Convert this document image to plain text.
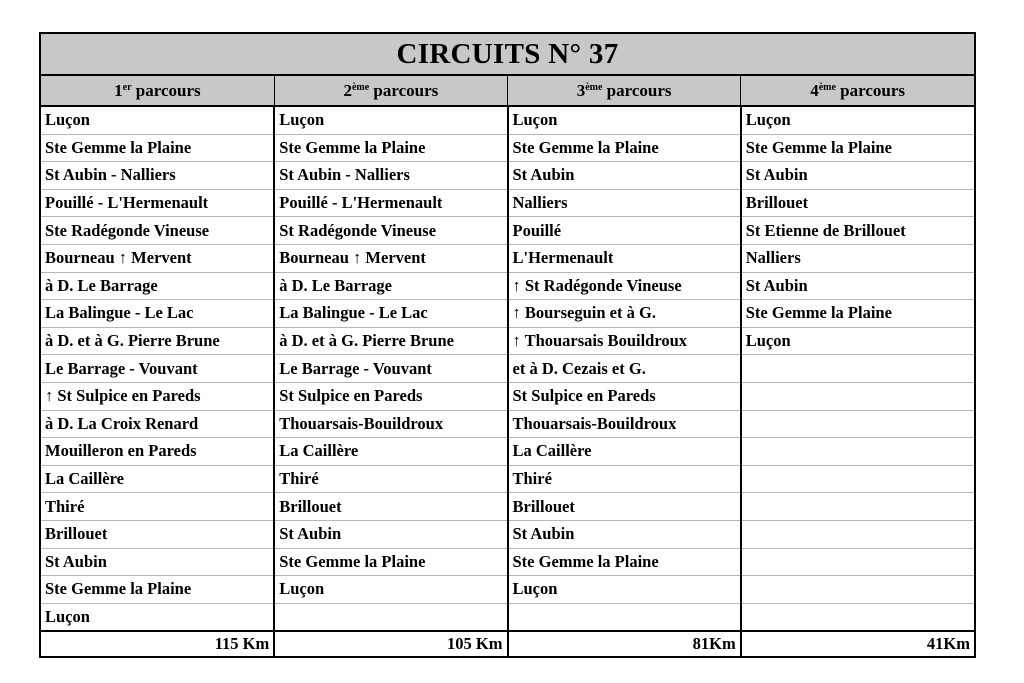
CIRCUITS N° 37
1er parcours	2ème parcours	3ème parcours	4ème parcours
Luçon	Luçon	Luçon	Luçon
Ste Gemme la Plaine	Ste Gemme la Plaine	Ste Gemme la Plaine	Ste Gemme la Plaine
St Aubin - Nalliers	St Aubin - Nalliers	St Aubin	St Aubin
Pouillé - L'Hermenault	Pouillé - L'Hermenault	Nalliers	Brillouet
Ste Radégonde Vineuse	St Radégonde Vineuse	Pouillé	St Etienne de Brillouet
Bourneau ↑ Mervent	Bourneau ↑ Mervent	L'Hermenault	Nalliers
à D. Le Barrage	à D. Le Barrage	↑ St Radégonde Vineuse	St Aubin
La Balingue - Le Lac	La Balingue - Le Lac	↑ Bourseguin et à G.	Ste Gemme la Plaine
à D. et à G. Pierre Brune	à D. et à G. Pierre Brune	↑ Thouarsais Bouildroux	Luçon
Le Barrage - Vouvant	Le Barrage - Vouvant	et à D. Cezais et G.	
↑ St Sulpice en Pareds	St Sulpice en Pareds	St Sulpice en Pareds	
à D. La Croix Renard	Thouarsais-Bouildroux	Thouarsais-Bouildroux	
Mouilleron en Pareds	La Caillère	La Caillère	
La Caillère	Thiré	Thiré	
Thiré	Brillouet	Brillouet	
Brillouet	St Aubin	St Aubin	
St Aubin	Ste Gemme la Plaine	Ste Gemme la Plaine	
Ste Gemme la Plaine	Luçon	Luçon	
Luçon			
115 Km	105 Km	81Km	41Km
